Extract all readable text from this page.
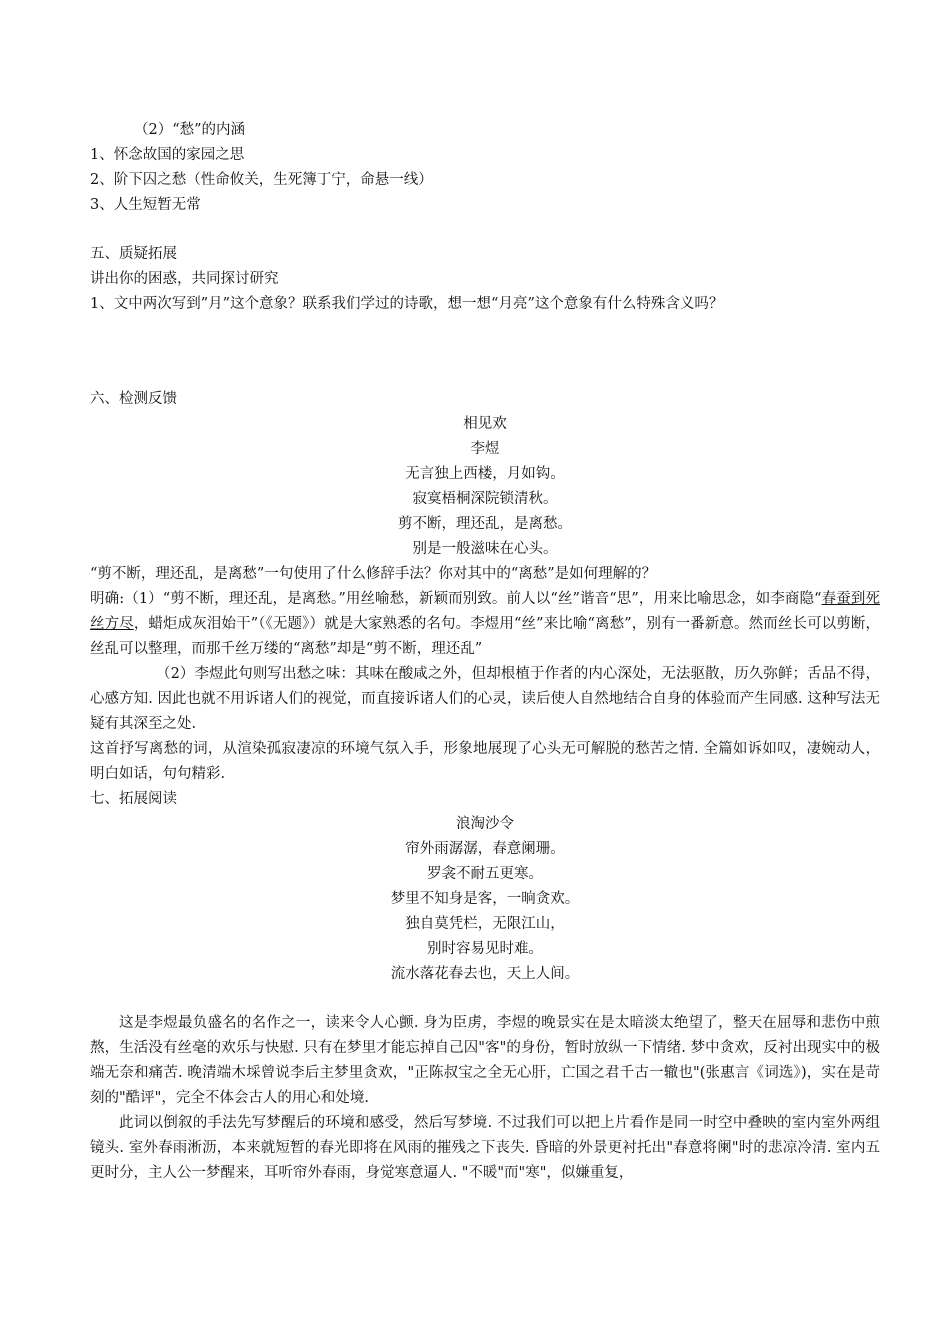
（2）“愁”的内涵

1、怀念故国的家园之思

2、阶下囚之愁（性命攸关，生死簿丁宁，命悬一线）

3、人生短暂无常

五、质疑拓展

讲出你的困惑，共同探讨研究

1、文中两次写到”月”这个意象？联系我们学过的诗歌，想一想“月亮”这个意象有什么特殊含义吗？

六、检测反馈

相见欢

李煜

无言独上西楼，月如钩。

寂寞梧桐深院锁清秋。

剪不断，理还乱，是离愁。

别是一般滋味在心头。

“剪不断，理还乱，是离愁”一句使用了什么修辞手法？你对其中的“离愁”是如何理解的？

明确:（1）“剪不断，理还乱，是离愁。”用丝喻愁，新颖而别致。前人以“丝”谐音“思”，用来比喻思念，如李商隐“春蚕到死丝方尽，蜡炬成灰泪始干”（《无题》）就是大家熟悉的名句。李煜用“丝”来比喻“离愁”，别有一番新意。然而丝长可以剪断，丝乱可以整理，而那千丝万缕的“离愁”却是“剪不断，理还乱”

（2）李煜此句则写出愁之味：其味在酸咸之外，但却根植于作者的内心深处，无法驱散，历久弥鲜；舌品不得，心感方知. 因此也就不用诉诸人们的视觉，而直接诉诸人们的心灵，读后使人自然地结合自身的体验而产生同感. 这种写法无疑有其深至之处.

这首抒写离愁的词，从渲染孤寂凄凉的环境气氛入手，形象地展现了心头无可解脱的愁苦之情. 全篇如诉如叹，凄婉动人，明白如话，句句精彩.

七、拓展阅读

浪淘沙令

帘外雨潺潺，春意阑珊。

罗衾不耐五更寒。

梦里不知身是客，一晌贪欢。

独自莫凭栏，无限江山，

别时容易见时难。

流水落花春去也，天上人间。

这是李煜最负盛名的名作之一，读来令人心颤. 身为臣虏，李煜的晚景实在是太暗淡太绝望了，整天在屈辱和悲伤中煎熬，生活没有丝毫的欢乐与快慰. 只有在梦里才能忘掉自己囚"客"的身份，暂时放纵一下情绪. 梦中贪欢，反衬出现实中的极端无奈和痛苦. 晚清端木埰曾说李后主梦里贪欢，"正陈叔宝之全无心肝，亡国之君千古一辙也"(张惠言《词选》)，实在是苛刻的"酷评"，完全不体会古人的用心和处境.

此词以倒叙的手法先写梦醒后的环境和感受，然后写梦境. 不过我们可以把上片看作是同一时空中叠映的室内室外两组镜头. 室外春雨淅沥，本来就短暂的春光即将在风雨的摧残之下丧失. 昏暗的外景更衬托出"春意将阑"时的悲凉冷清. 室内五更时分，主人公一梦醒来，耳听帘外春雨，身觉寒意逼人. "不暖"而"寒"，似嫌重复，
